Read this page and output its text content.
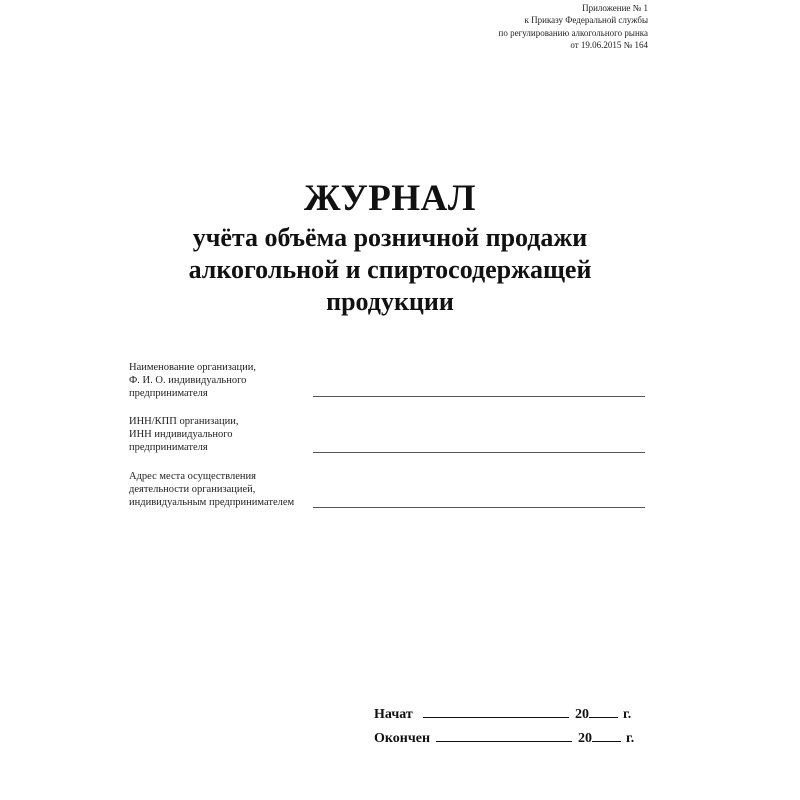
Приложение № 1
к Приказу Федеральной службы
по регулированию алкогольного рынка
от 19.06.2015 № 164
ЖУРНАЛ
учёта объёма розничной продажи
алкогольной и спиртосодержащей
продукции
Наименование организации,
Ф. И. О. индивидуального
предпринимателя
ИНН/КПП организации,
ИНН индивидуального
предпринимателя
Адрес места осуществления
деятельности организацией,
индивидуальным предпринимателем
Начат	20 г.
Окончен	20 г.
